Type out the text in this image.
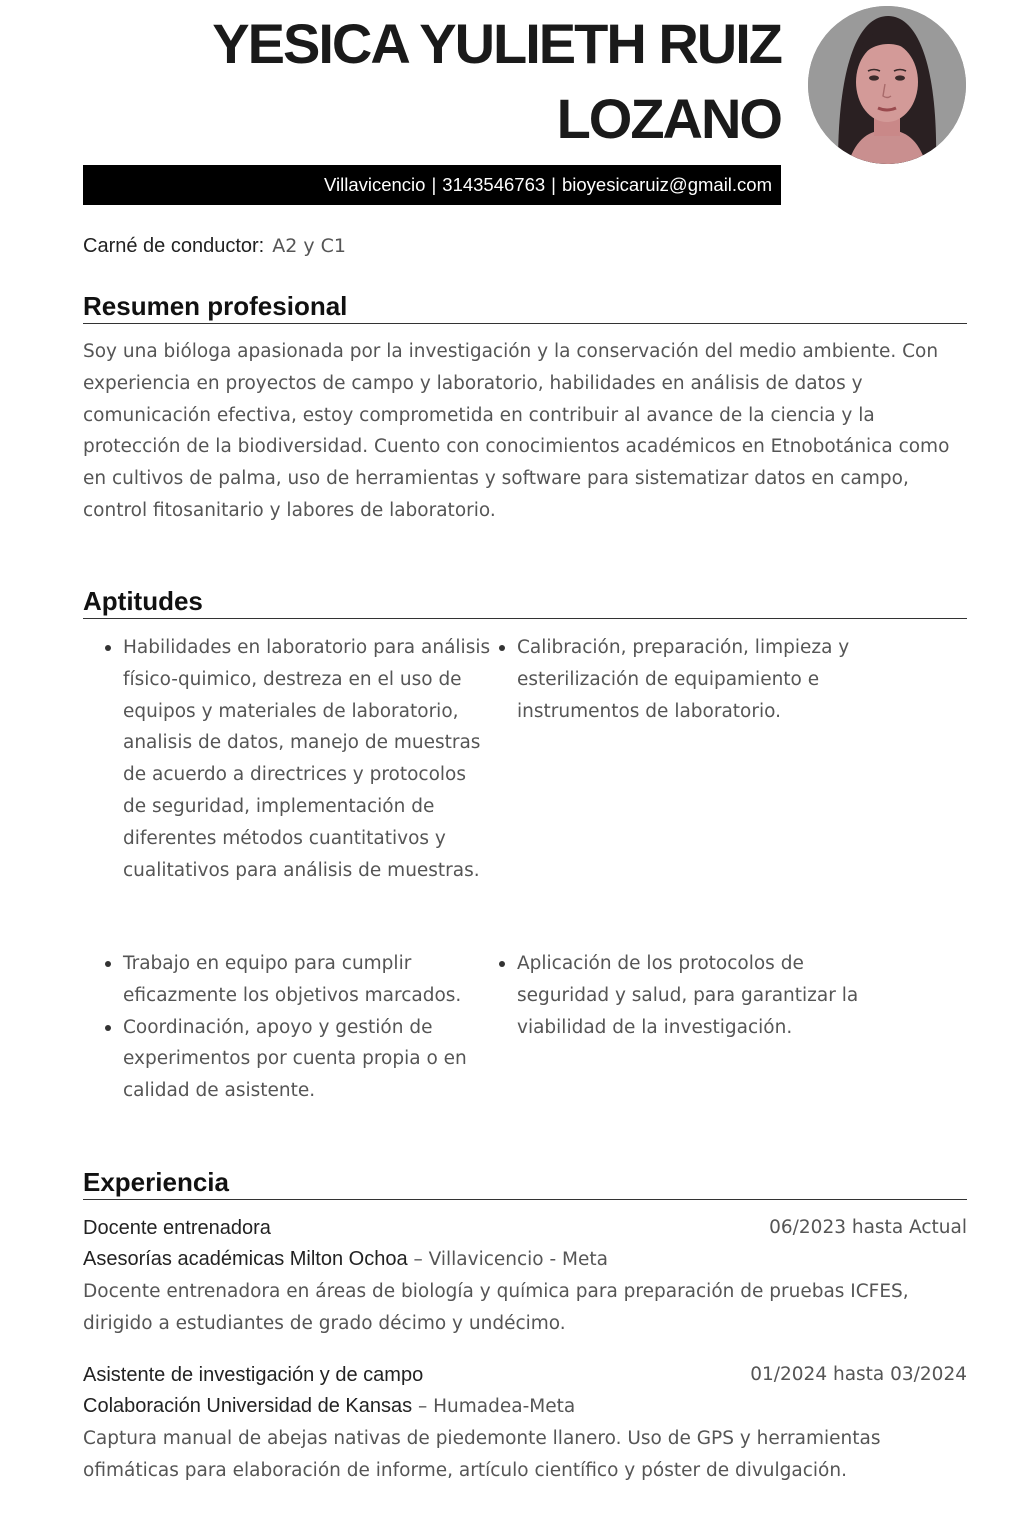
YESICA YULIETH RUIZ
LOZANO
Villavicencio | 3143546763 | bioyesicaruiz@gmail.com

Carné de conductor: A2 y C1

Resumen profesional

Soy una bióloga apasionada por la investigación y la conservación del medio ambiente. Con experiencia en proyectos de campo y laboratorio, habilidades en análisis de datos y comunicación efectiva, estoy comprometida en contribuir al avance de la ciencia y la protección de la biodiversidad. Cuento con conocimientos académicos en Etnobotánica como en cultivos de palma, uso de herramientas y software para sistematizar datos en campo, control fitosanitario y labores de laboratorio.

Aptitudes
Habilidades en laboratorio para análisis físico-quimico, destreza en el uso de equipos y materiales de laboratorio, analisis de datos, manejo de muestras de acuerdo a directrices y protocolos de seguridad, implementación de diferentes métodos cuantitativos y cualitativos para análisis de muestras.
Calibración, preparación, limpieza y esterilización de equipamiento e instrumentos de laboratorio.
Trabajo en equipo para cumplir eficazmente los objetivos marcados.
Coordinación, apoyo y gestión de experimentos por cuenta propia o en calidad de asistente.
Aplicación de los protocolos de seguridad y salud, para garantizar la viabilidad de la investigación.
Experiencia
Docente entrenadora	06/2023 hasta Actual
Asesorías académicas Milton Ochoa – Villavicencio - Meta

Docente entrenadora en áreas de biología y química para preparación de pruebas ICFES, dirigido a estudiantes de grado décimo y undécimo.

Asistente de investigación y de campo	01/2024 hasta 03/2024
Colaboración Universidad de Kansas – Humadea-Meta

Captura manual de abejas nativas de piedemonte llanero. Uso de GPS y herramientas ofimáticas para elaboración de informe, artículo científico y póster de divulgación.
